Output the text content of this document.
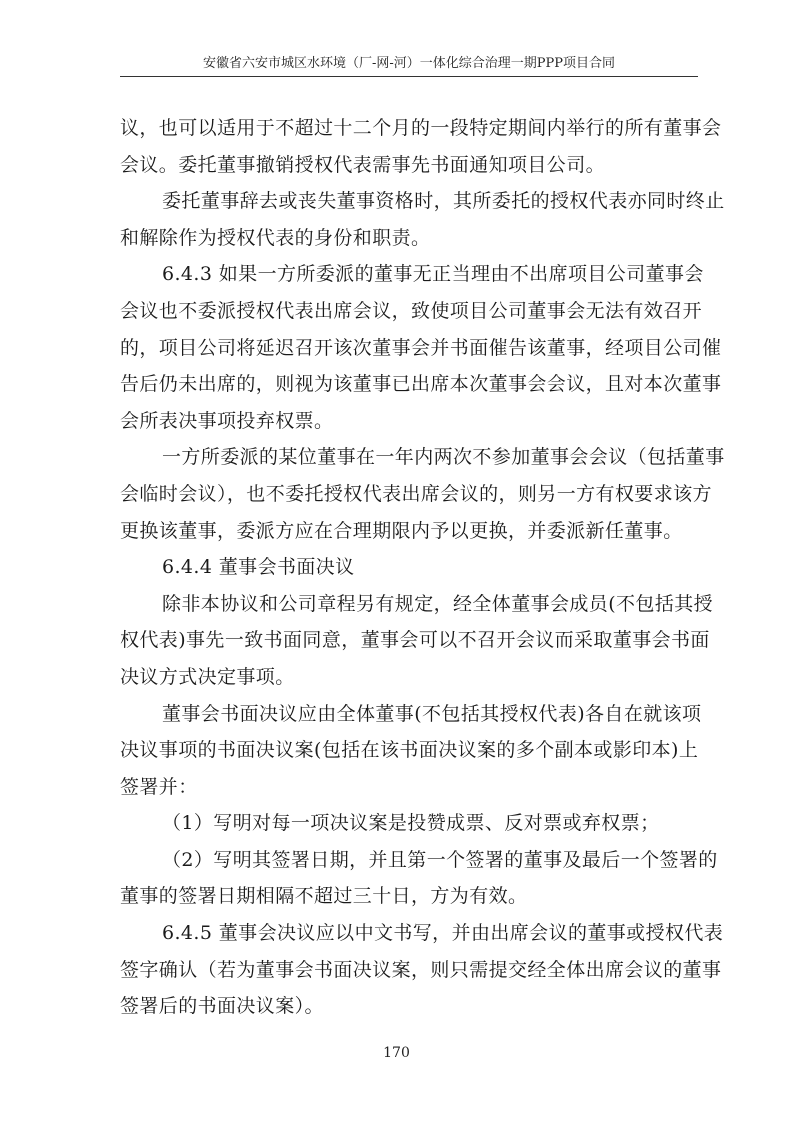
安徽省六安市城区水环境（厂-网-河）一体化综合治理一期PPP项目合同
议，也可以适用于不超过十二个月的一段特定期间内举行的所有董事会
会议。委托董事撤销授权代表需事先书面通知项目公司。
委托董事辞去或丧失董事资格时，其所委托的授权代表亦同时终止
和解除作为授权代表的身份和职责。
6.4.3 如果一方所委派的董事无正当理由不出席项目公司董事会
会议也不委派授权代表出席会议，致使项目公司董事会无法有效召开
的，项目公司将延迟召开该次董事会并书面催告该董事，经项目公司催
告后仍未出席的，则视为该董事已出席本次董事会会议，且对本次董事
会所表决事项投弃权票。
一方所委派的某位董事在一年内两次不参加董事会会议（包括董事
会临时会议），也不委托授权代表出席会议的，则另一方有权要求该方
更换该董事，委派方应在合理期限内予以更换，并委派新任董事。
6.4.4 董事会书面决议
除非本协议和公司章程另有规定，经全体董事会成员(不包括其授
权代表)事先一致书面同意，董事会可以不召开会议而采取董事会书面
决议方式决定事项。
董事会书面决议应由全体董事(不包括其授权代表)各自在就该项
决议事项的书面决议案(包括在该书面决议案的多个副本或影印本)上
签署并：
（1）写明对每一项决议案是投赞成票、反对票或弃权票；
（2）写明其签署日期，并且第一个签署的董事及最后一个签署的
董事的签署日期相隔不超过三十日，方为有效。
6.4.5 董事会决议应以中文书写，并由出席会议的董事或授权代表
签字确认（若为董事会书面决议案，则只需提交经全体出席会议的董事
签署后的书面决议案）。
170
